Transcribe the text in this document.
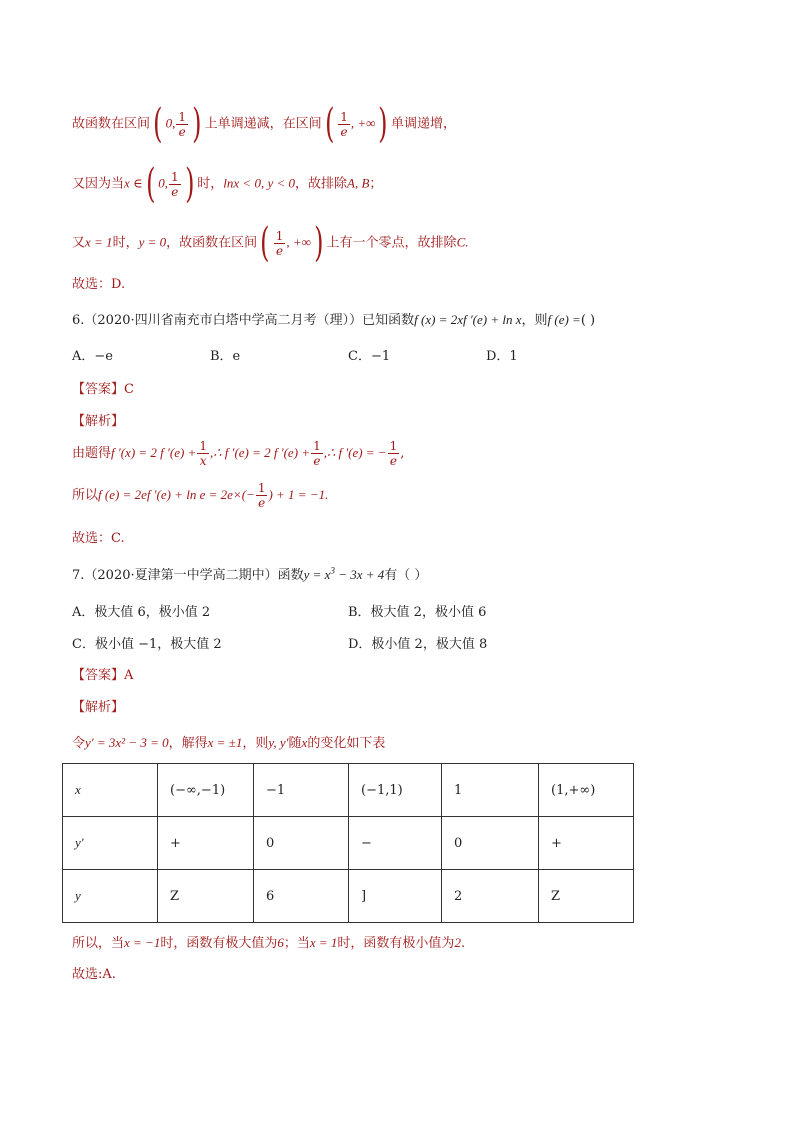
故函数在区间( 0, $\frac{1}{e}$ ) 上单调递减，在区间( $\frac{1}{e}$ , +∞) 单调递增，
又因为当x ∈( 0, $\frac{1}{e}$ ) 时，lnx < 0, y < 0，故排除A, B；
又x = 1时，y = 0，故函数在区间( $\frac{1}{e}$ , +∞) 上有一个零点，故排除C.
故选：D.
6.（2020·四川省南充市白塔中学高二月考（理））已知函数f (x) = 2xf ′(e) + ln x，则f (e) =( )
A．−e	B．e	C．−1	D．1
【答案】C
【解析】
由题得f ′(x) = 2 f $'(e) + \frac{1}{x}$ ,∴ f ′(e) = 2 f $'(e) + \frac{1}{e}$ ,∴ f ′(e) = − $\frac{1}{e}$ ,
所以f (e) = 2ef $'(e) + \ln e = 2e\times(- \frac{1}{e}$ ) + 1 = −1.
故选：C.
7.（2020·夏津第一中学高二期中）函数$y = x^3 - 3x + 4$有（ ）
A．极大值 6，极小值 2	B．极大值 2，极小值 6
C．极小值 −1，极大值 2	D．极小值 2，极大值 8
【答案】A
【解析】
令y′ = 3x² − 3 = 0，解得x = ±1，则y, y′随x的变化如下表
x	(−∞,−1)	−1	(−1,1)	1	(1,+∞)
y′	+	0	−	0	+
y	Z	6	]	2	Z
所以，当x = −1时，函数有极大值为6；当x = 1时，函数有极小值为2.
故选:A.
